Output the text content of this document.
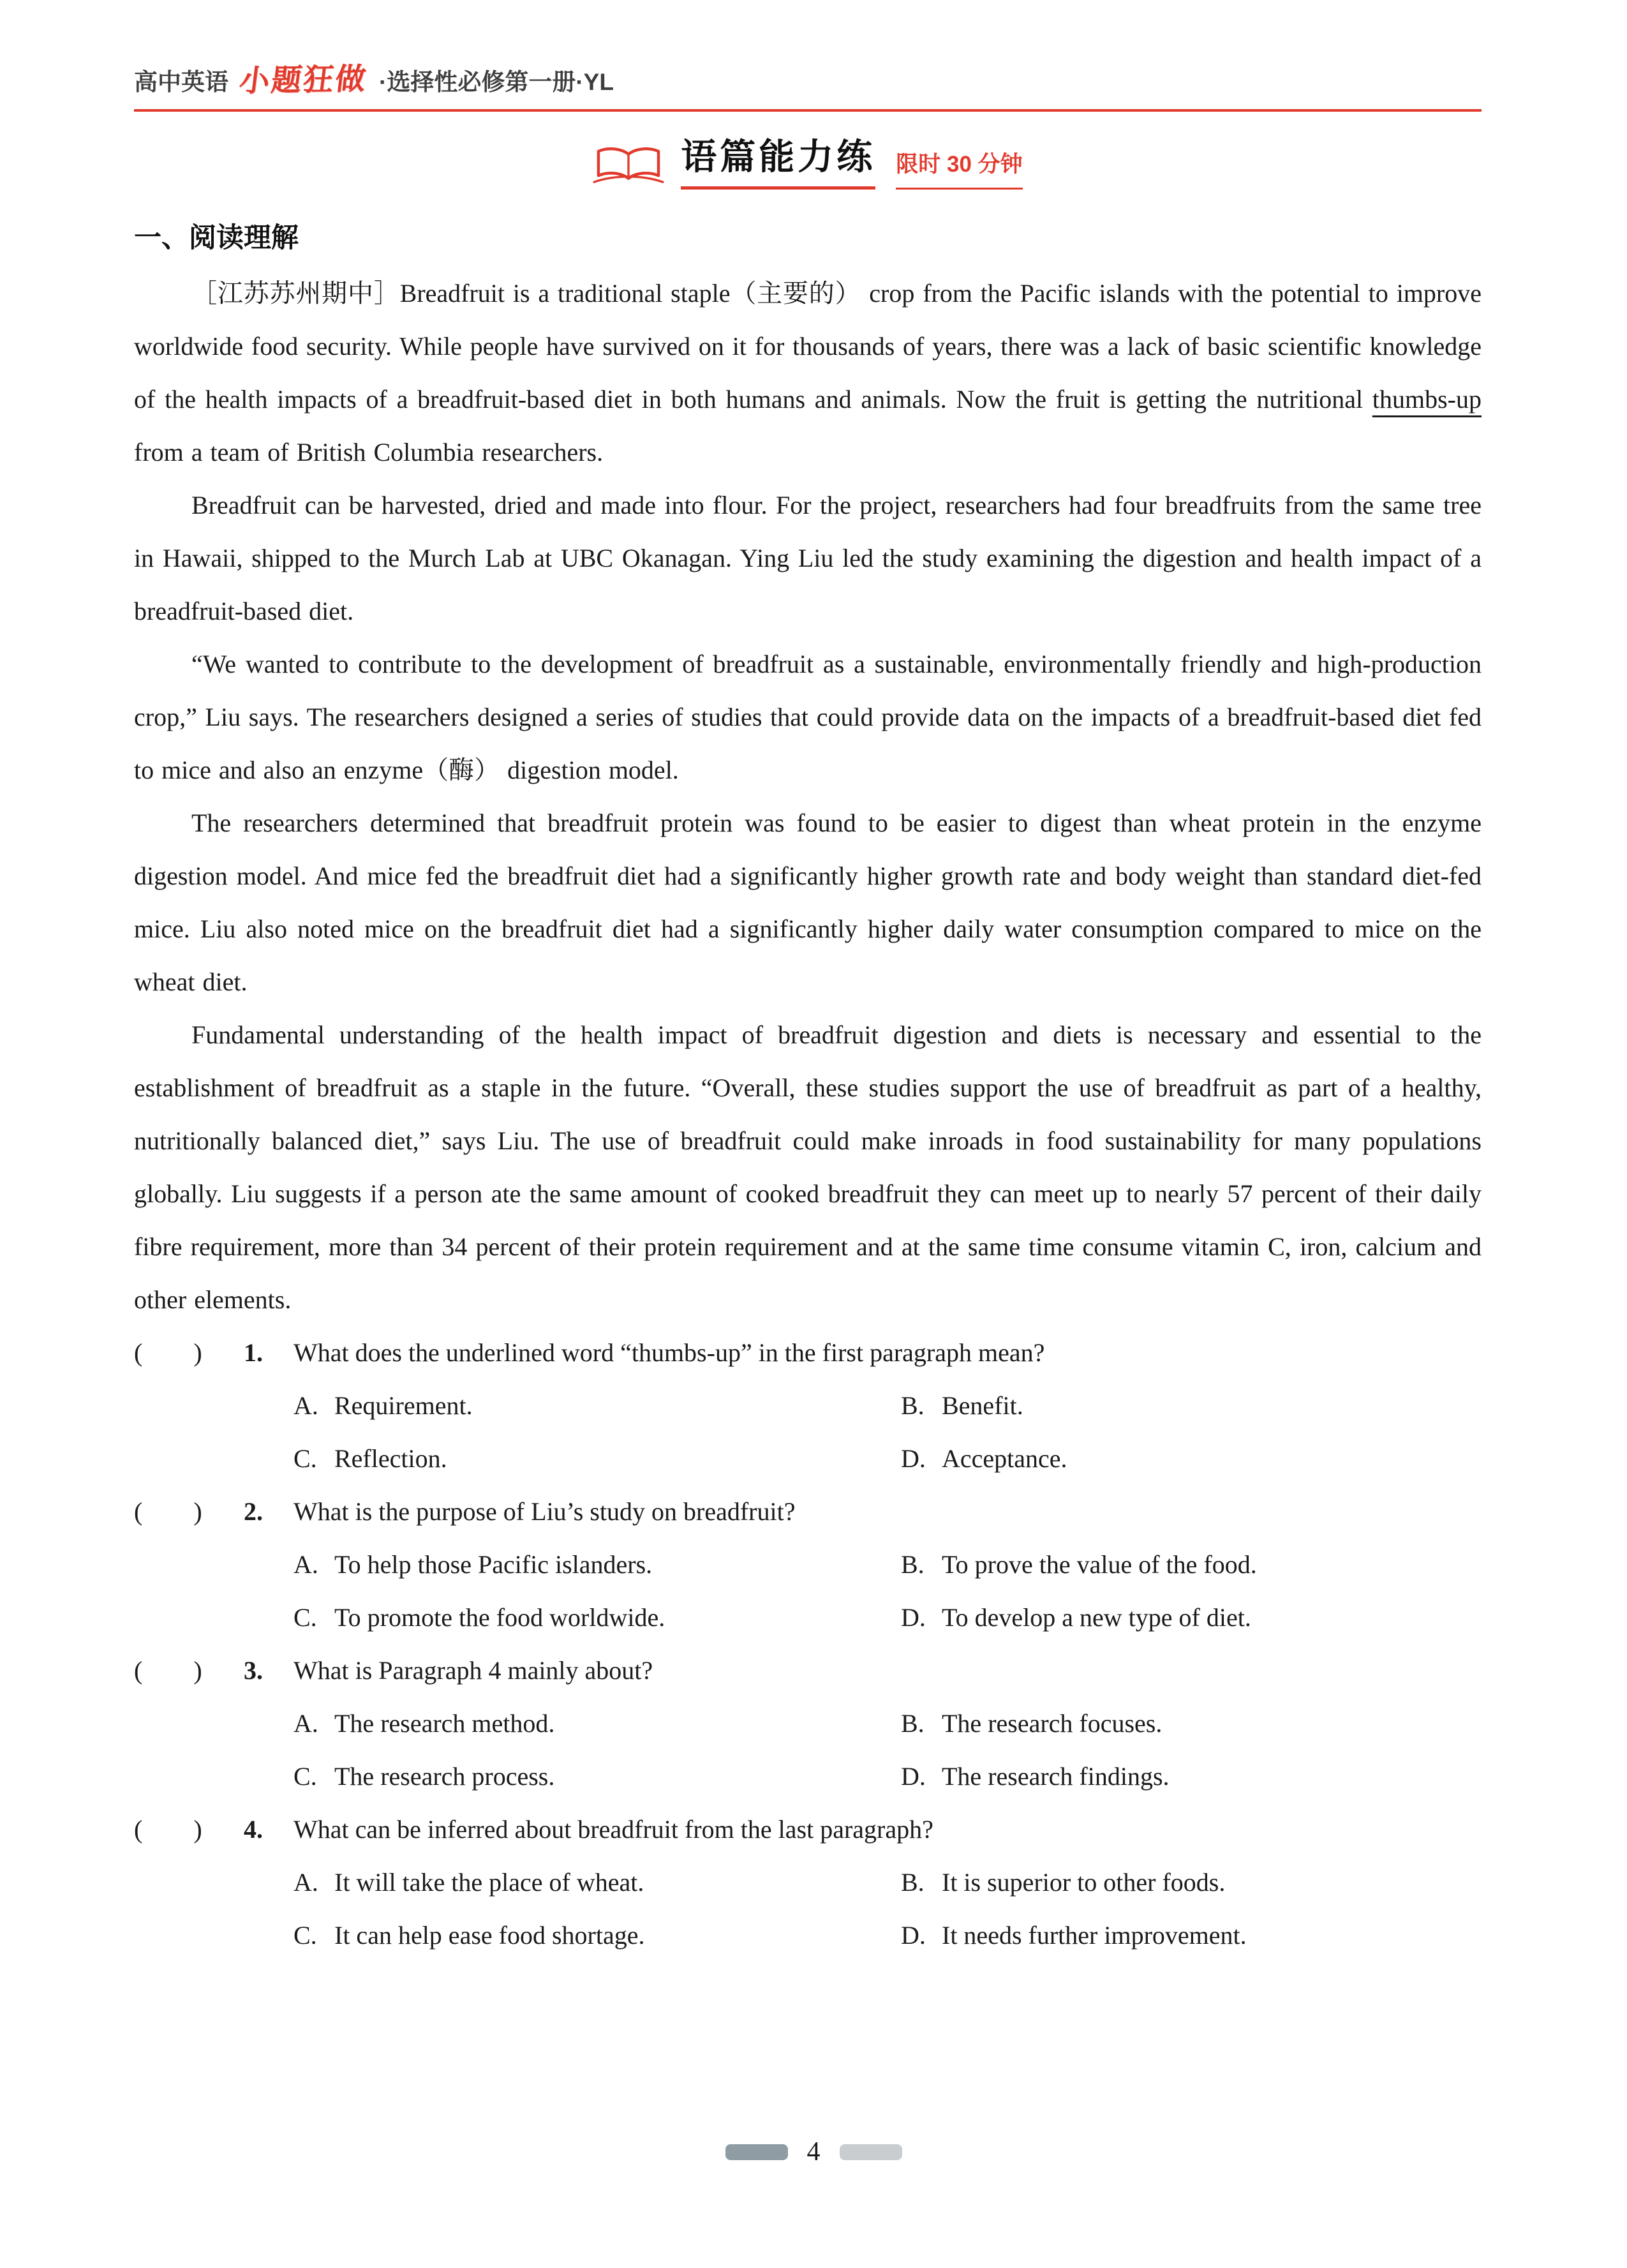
高中英语 小题狂做 ·选择性必修第一册·YL
语篇能力练 限时 30 分钟
一、阅读理解

［江苏苏州期中］Breadfruit is a traditional staple（主要的） crop from the Pacific islands with the potential to improve worldwide food security. While people have survived on it for thousands of years, there was a lack of basic scientific knowledge of the health impacts of a breadfruit-based diet in both humans and animals. Now the fruit is getting the nutritional thumbs-up from a team of British Columbia researchers.

Breadfruit can be harvested, dried and made into flour. For the project, researchers had four breadfruits from the same tree in Hawaii, shipped to the Murch Lab at UBC Okanagan. Ying Liu led the study examining the digestion and health impact of a breadfruit-based diet.

“We wanted to contribute to the development of breadfruit as a sustainable, environmentally friendly and high-production crop,” Liu says. The researchers designed a series of studies that could provide data on the impacts of a breadfruit-based diet fed to mice and also an enzyme（酶） digestion model.

The researchers determined that breadfruit protein was found to be easier to digest than wheat protein in the enzyme digestion model. And mice fed the breadfruit diet had a significantly higher growth rate and body weight than standard diet-fed mice. Liu also noted mice on the breadfruit diet had a significantly higher daily water consumption compared to mice on the wheat diet.

Fundamental understanding of the health impact of breadfruit digestion and diets is necessary and essential to the establishment of breadfruit as a staple in the future. “Overall, these studies support the use of breadfruit as part of a healthy, nutritionally balanced diet,” says Liu. The use of breadfruit could make inroads in food sustainability for many populations globally. Liu suggests if a person ate the same amount of cooked breadfruit they can meet up to nearly 57 percent of their daily fibre requirement, more than 34 percent of their protein requirement and at the same time consume vitamin C, iron, calcium and other elements.

(　　)	1.	What does the underlined word “thumbs-up” in the first paragraph mean?
A. Requirement.	B. Benefit.
C. Reflection.	D. Acceptance.
(　　)	2.	What is the purpose of Liu’s study on breadfruit?
A. To help those Pacific islanders.	B. To prove the value of the food.
C. To promote the food worldwide.	D. To develop a new type of diet.
(　　)	3.	What is Paragraph 4 mainly about?
A. The research method.	B. The research focuses.
C. The research process.	D. The research findings.
(　　)	4.	What can be inferred about breadfruit from the last paragraph?
A. It will take the place of wheat.	B. It is superior to other foods.
C. It can help ease food shortage.	D. It needs further improvement.
4
